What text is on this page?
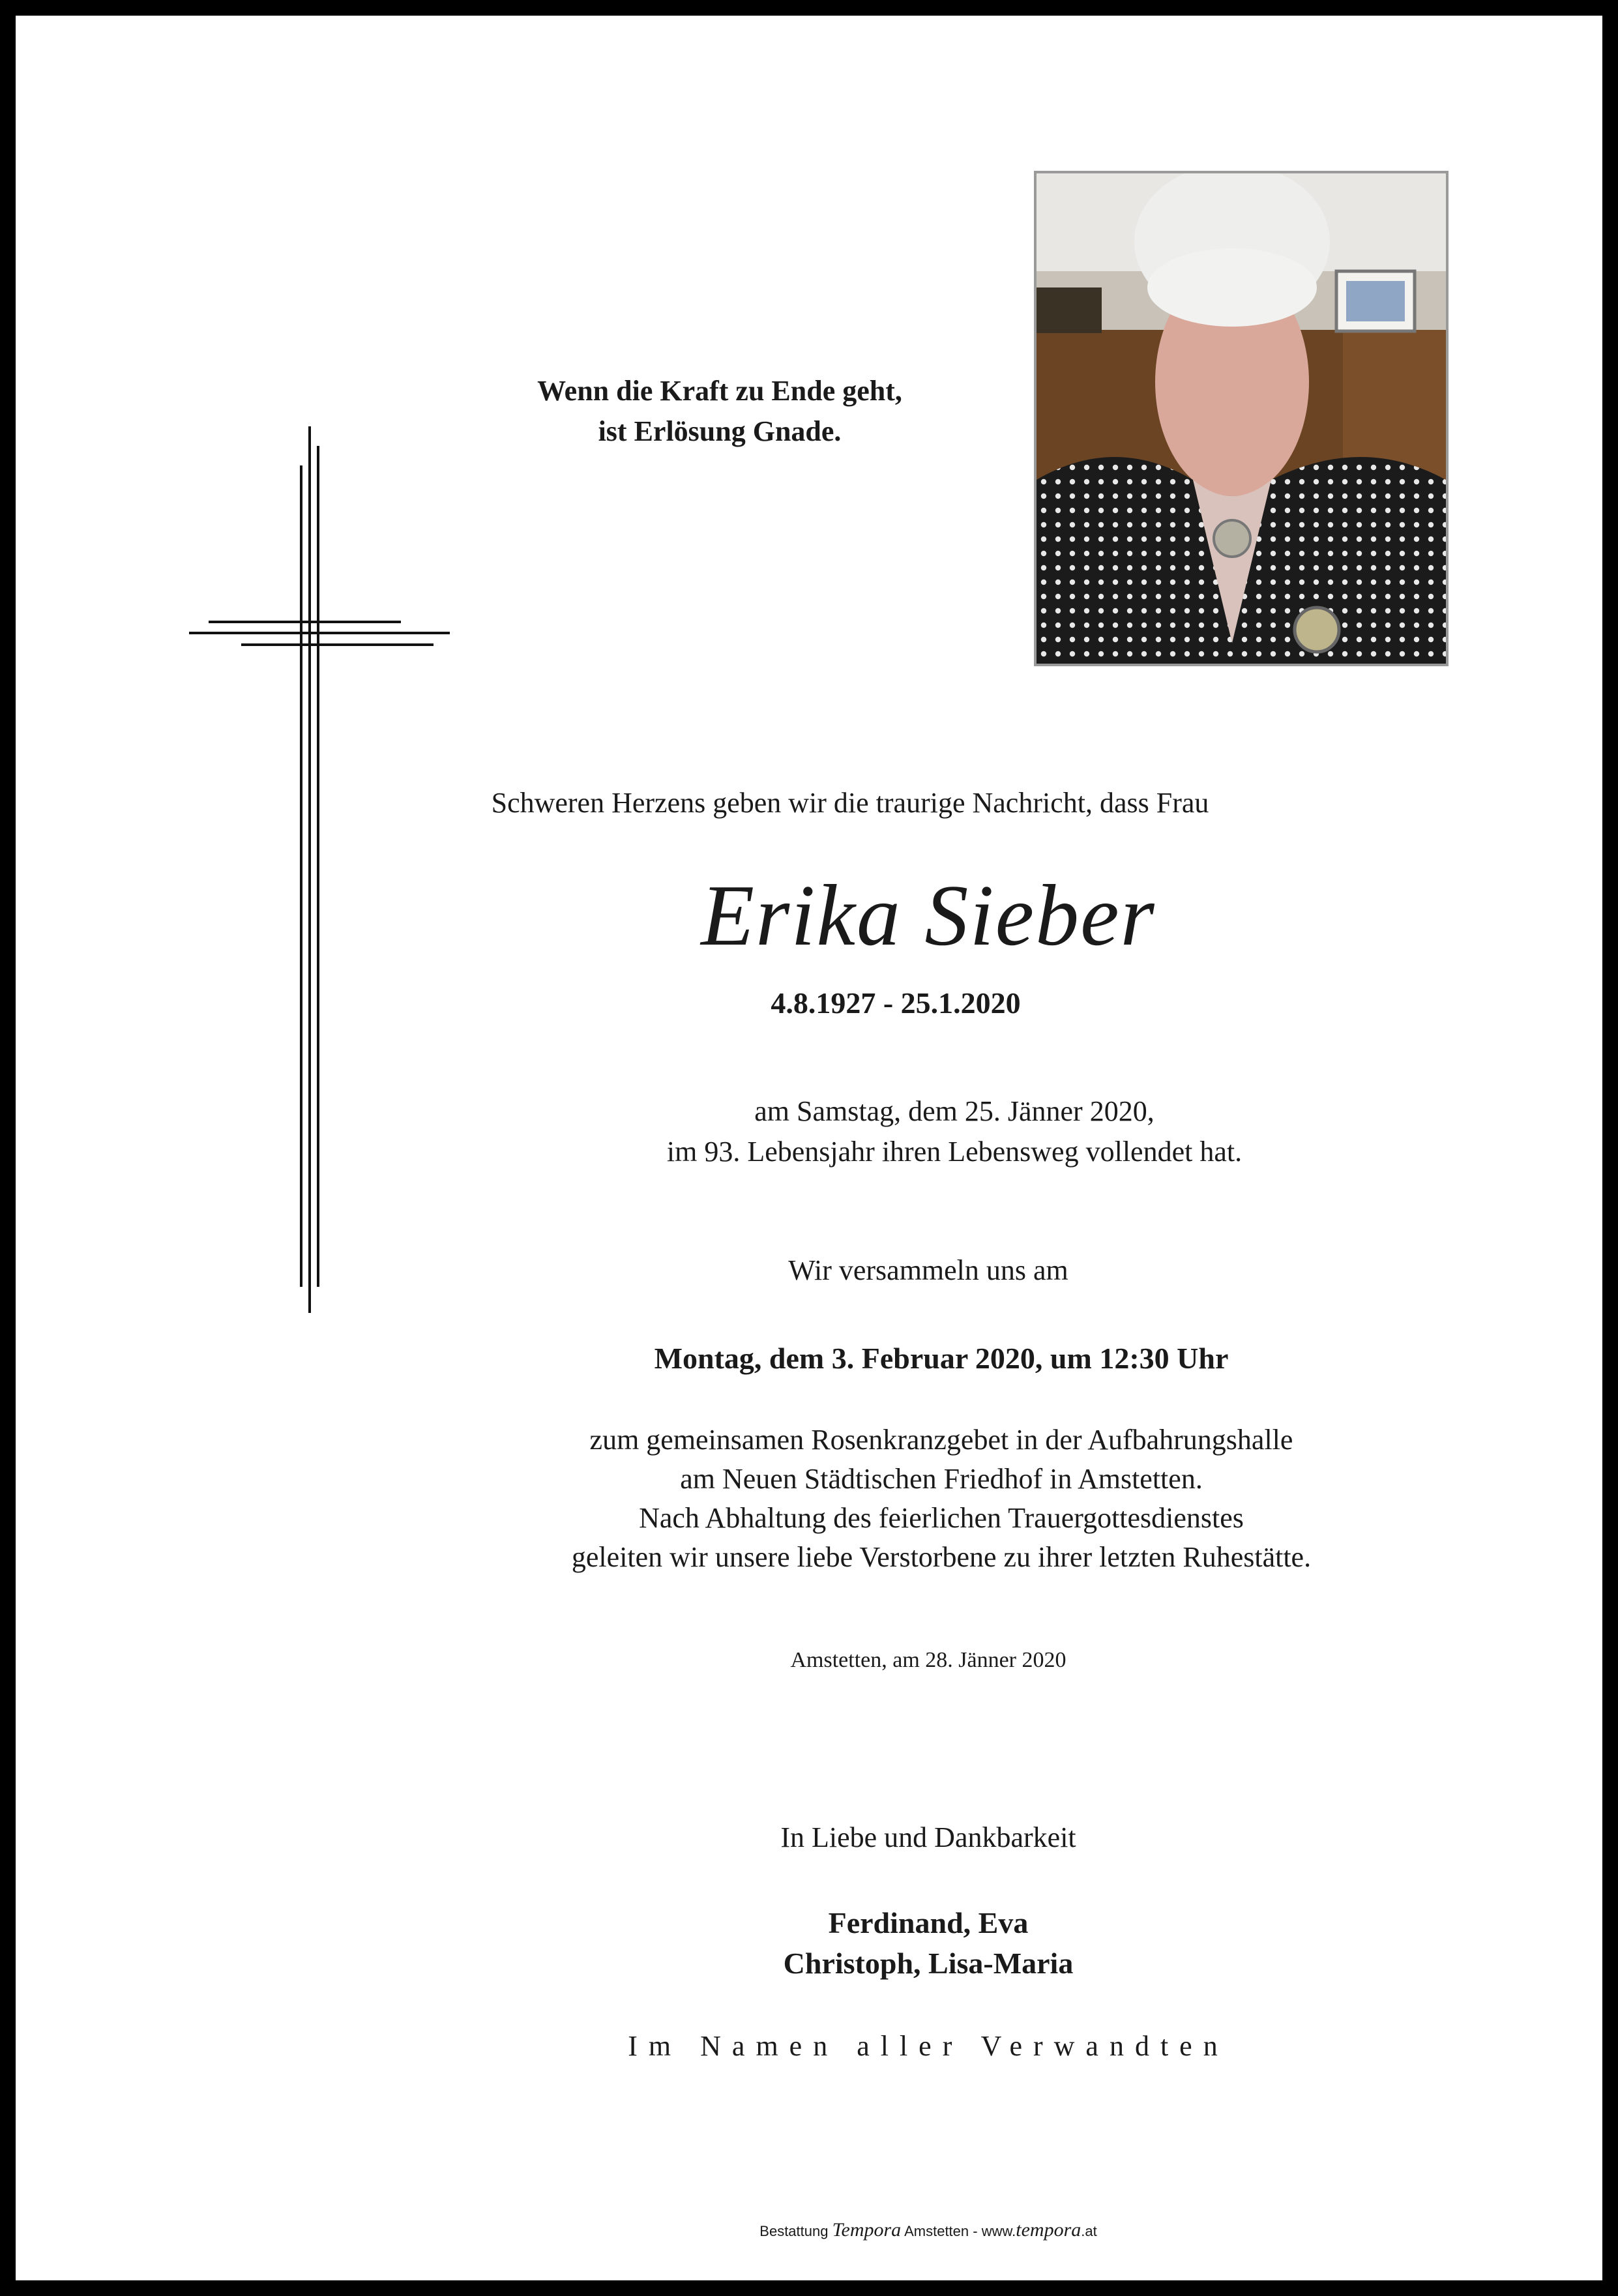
Wenn die Kraft zu Ende geht,
ist Erlösung Gnade.
Schweren Herzens geben wir die traurige Nachricht, dass Frau
Erika Sieber
4.8.1927 - 25.1.2020
am Samstag, dem 25. Jänner 2020,
im 93. Lebensjahr ihren Lebensweg vollendet hat.
Wir versammeln uns am
Montag, dem 3. Februar 2020, um 12:30 Uhr
zum gemeinsamen Rosenkranzgebet in der Aufbahrungshalle
am Neuen Städtischen Friedhof in Amstetten.
Nach Abhaltung des feierlichen Trauergottesdienstes
geleiten wir unsere liebe Verstorbene zu ihrer letzten Ruhestätte.
Amstetten, am 28. Jänner 2020
In Liebe und Dankbarkeit
Ferdinand, Eva
Christoph, Lisa-Maria
Im Namen aller Verwandten
Bestattung Tempora Amstetten - www.tempora.at
